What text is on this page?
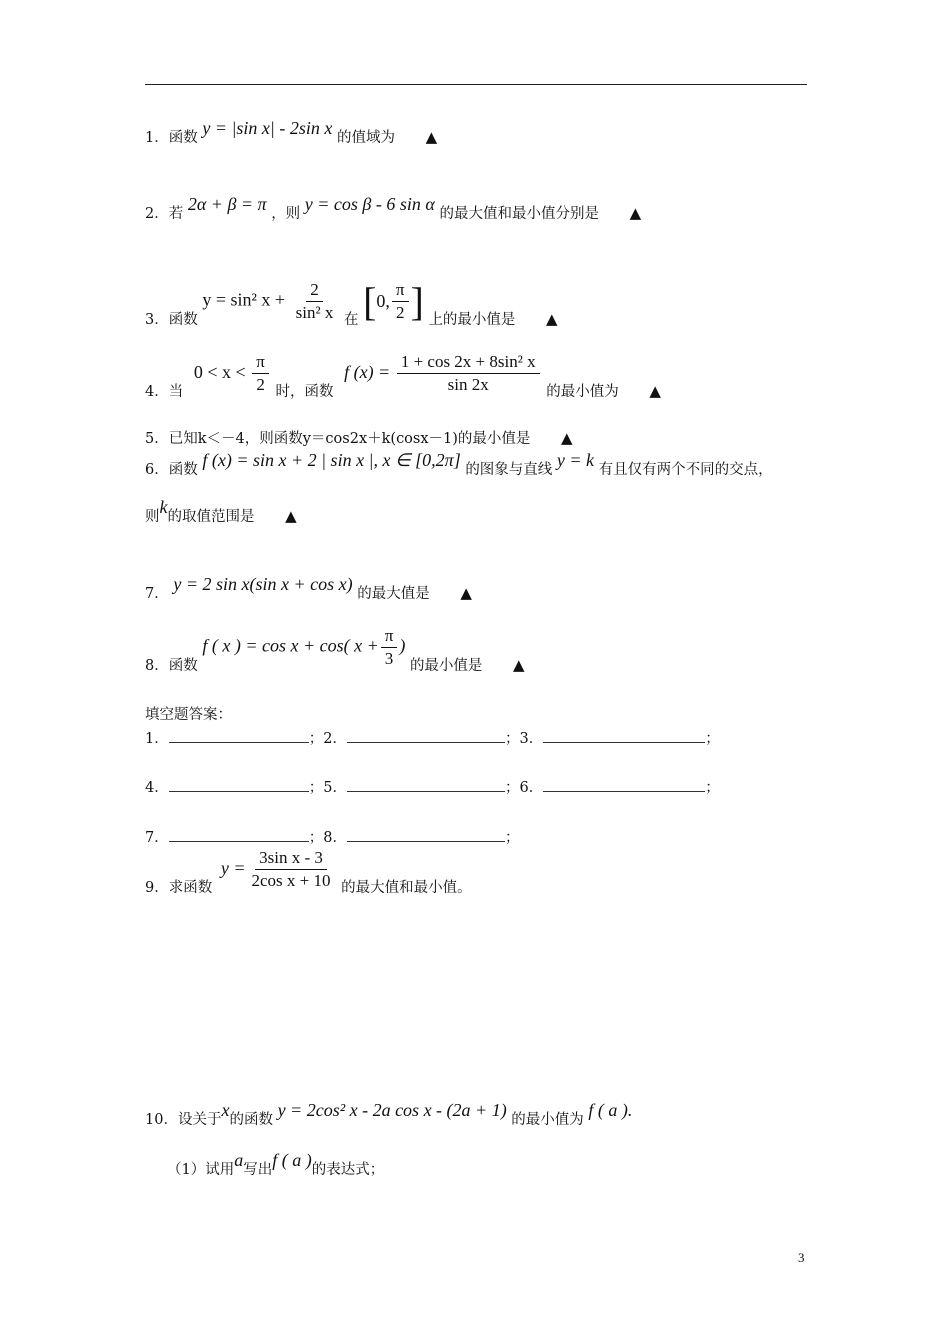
1．函数 y = |sin x| - 2sin x 的值域为 ▲
2．若 2α + β = π ，则 y = cos β - 6 sin α 的最大值和最小值分别是 ▲
3．函数 y = sin² $x + \frac{2}{\text{sin² x}}$ 在 [0, $\frac{\pi}{2}$ ] 上的最小值是 ▲
4．当 $0 < x < \frac{\pi}{2}$ 时，函数 f $(x) = \frac{\text{1 + cos 2x + 8sin² x}}{\sin 2x}$ 的最小值为 ▲
5．已知k＜－4，则函数y＝cos2x＋k(cosx－1)的最小值是 ▲
6．函数 f (x) = sin x + 2 | sin x |, x ∈ [0,2π] 的图象与直线 y = k 有且仅有两个不同的交点，
则k的取值范围是 ▲
7． y = 2 sin x(sin x + cos x) 的最大值是 ▲
8．函数 f ( x ) = cos x + cos( $x + \frac{\pi}{3}$ ) 的最小值是 ▲
填空题答案：
1．	；2．	；3．	；
4．	；5．	；6．	；
7．	；8．	；
9．求函数 $y = \frac{\text{3sin x - 3}}{\text{2cos x + 10}}$ 的最大值和最小值。
10．设关于x的函数 y = 2cos² x - 2a cos x - (2a + 1) 的最小值为 f ( a ).
（1）试用a写出f ( a )的表达式；
3
